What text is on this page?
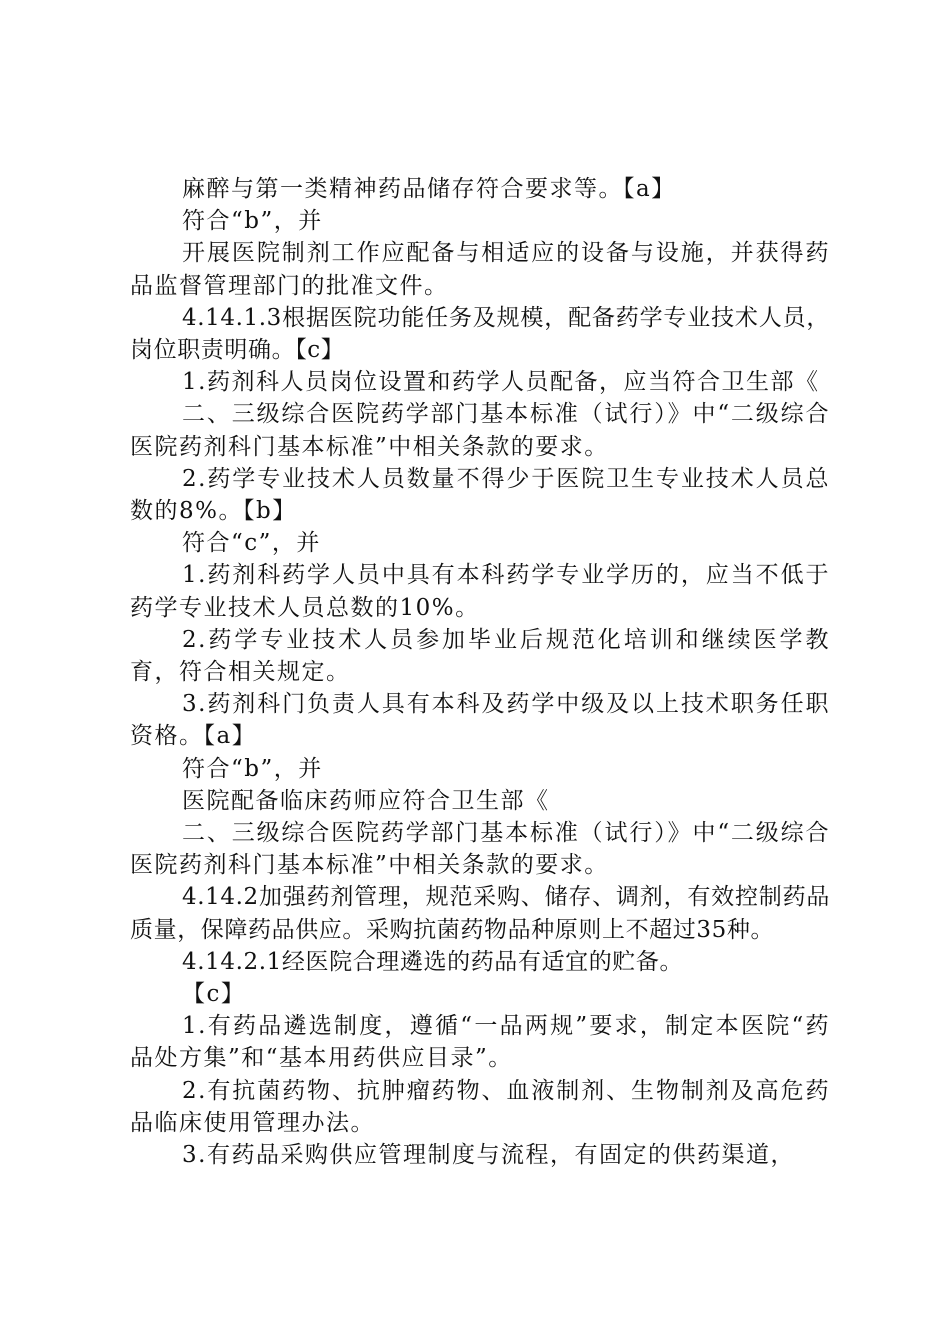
麻醉与第一类精神药品储存符合要求等。【a】

符合“b”，并

开展医院制剂工作应配备与相适应的设备与设施，并获得药品监督管理部门的批准文件。

4.14.1.3根据医院功能任务及规模，配备药学专业技术人员，岗位职责明确。【c】

1.药剂科人员岗位设置和药学人员配备，应当符合卫生部《

二、三级综合医院药学部门基本标准（试行）》中“二级综合医院药剂科门基本标准”中相关条款的要求。

2.药学专业技术人员数量不得少于医院卫生专业技术人员总数的8%。【b】

符合“c”，并

1.药剂科药学人员中具有本科药学专业学历的，应当不低于药学专业技术人员总数的10%。

2.药学专业技术人员参加毕业后规范化培训和继续医学教育，符合相关规定。

3.药剂科门负责人具有本科及药学中级及以上技术职务任职资格。【a】

符合“b”，并

医院配备临床药师应符合卫生部《

二、三级综合医院药学部门基本标准（试行）》中“二级综合医院药剂科门基本标准”中相关条款的要求。

4.14.2加强药剂管理，规范采购、储存、调剂，有效控制药品质量，保障药品供应。采购抗菌药物品种原则上不超过35种。

4.14.2.1经医院合理遴选的药品有适宜的贮备。

【c】

1.有药品遴选制度，遵循“一品两规”要求，制定本医院“药品处方集”和“基本用药供应目录”。

2.有抗菌药物、抗肿瘤药物、血液制剂、生物制剂及高危药品临床使用管理办法。

3.有药品采购供应管理制度与流程，有固定的供药渠道，
